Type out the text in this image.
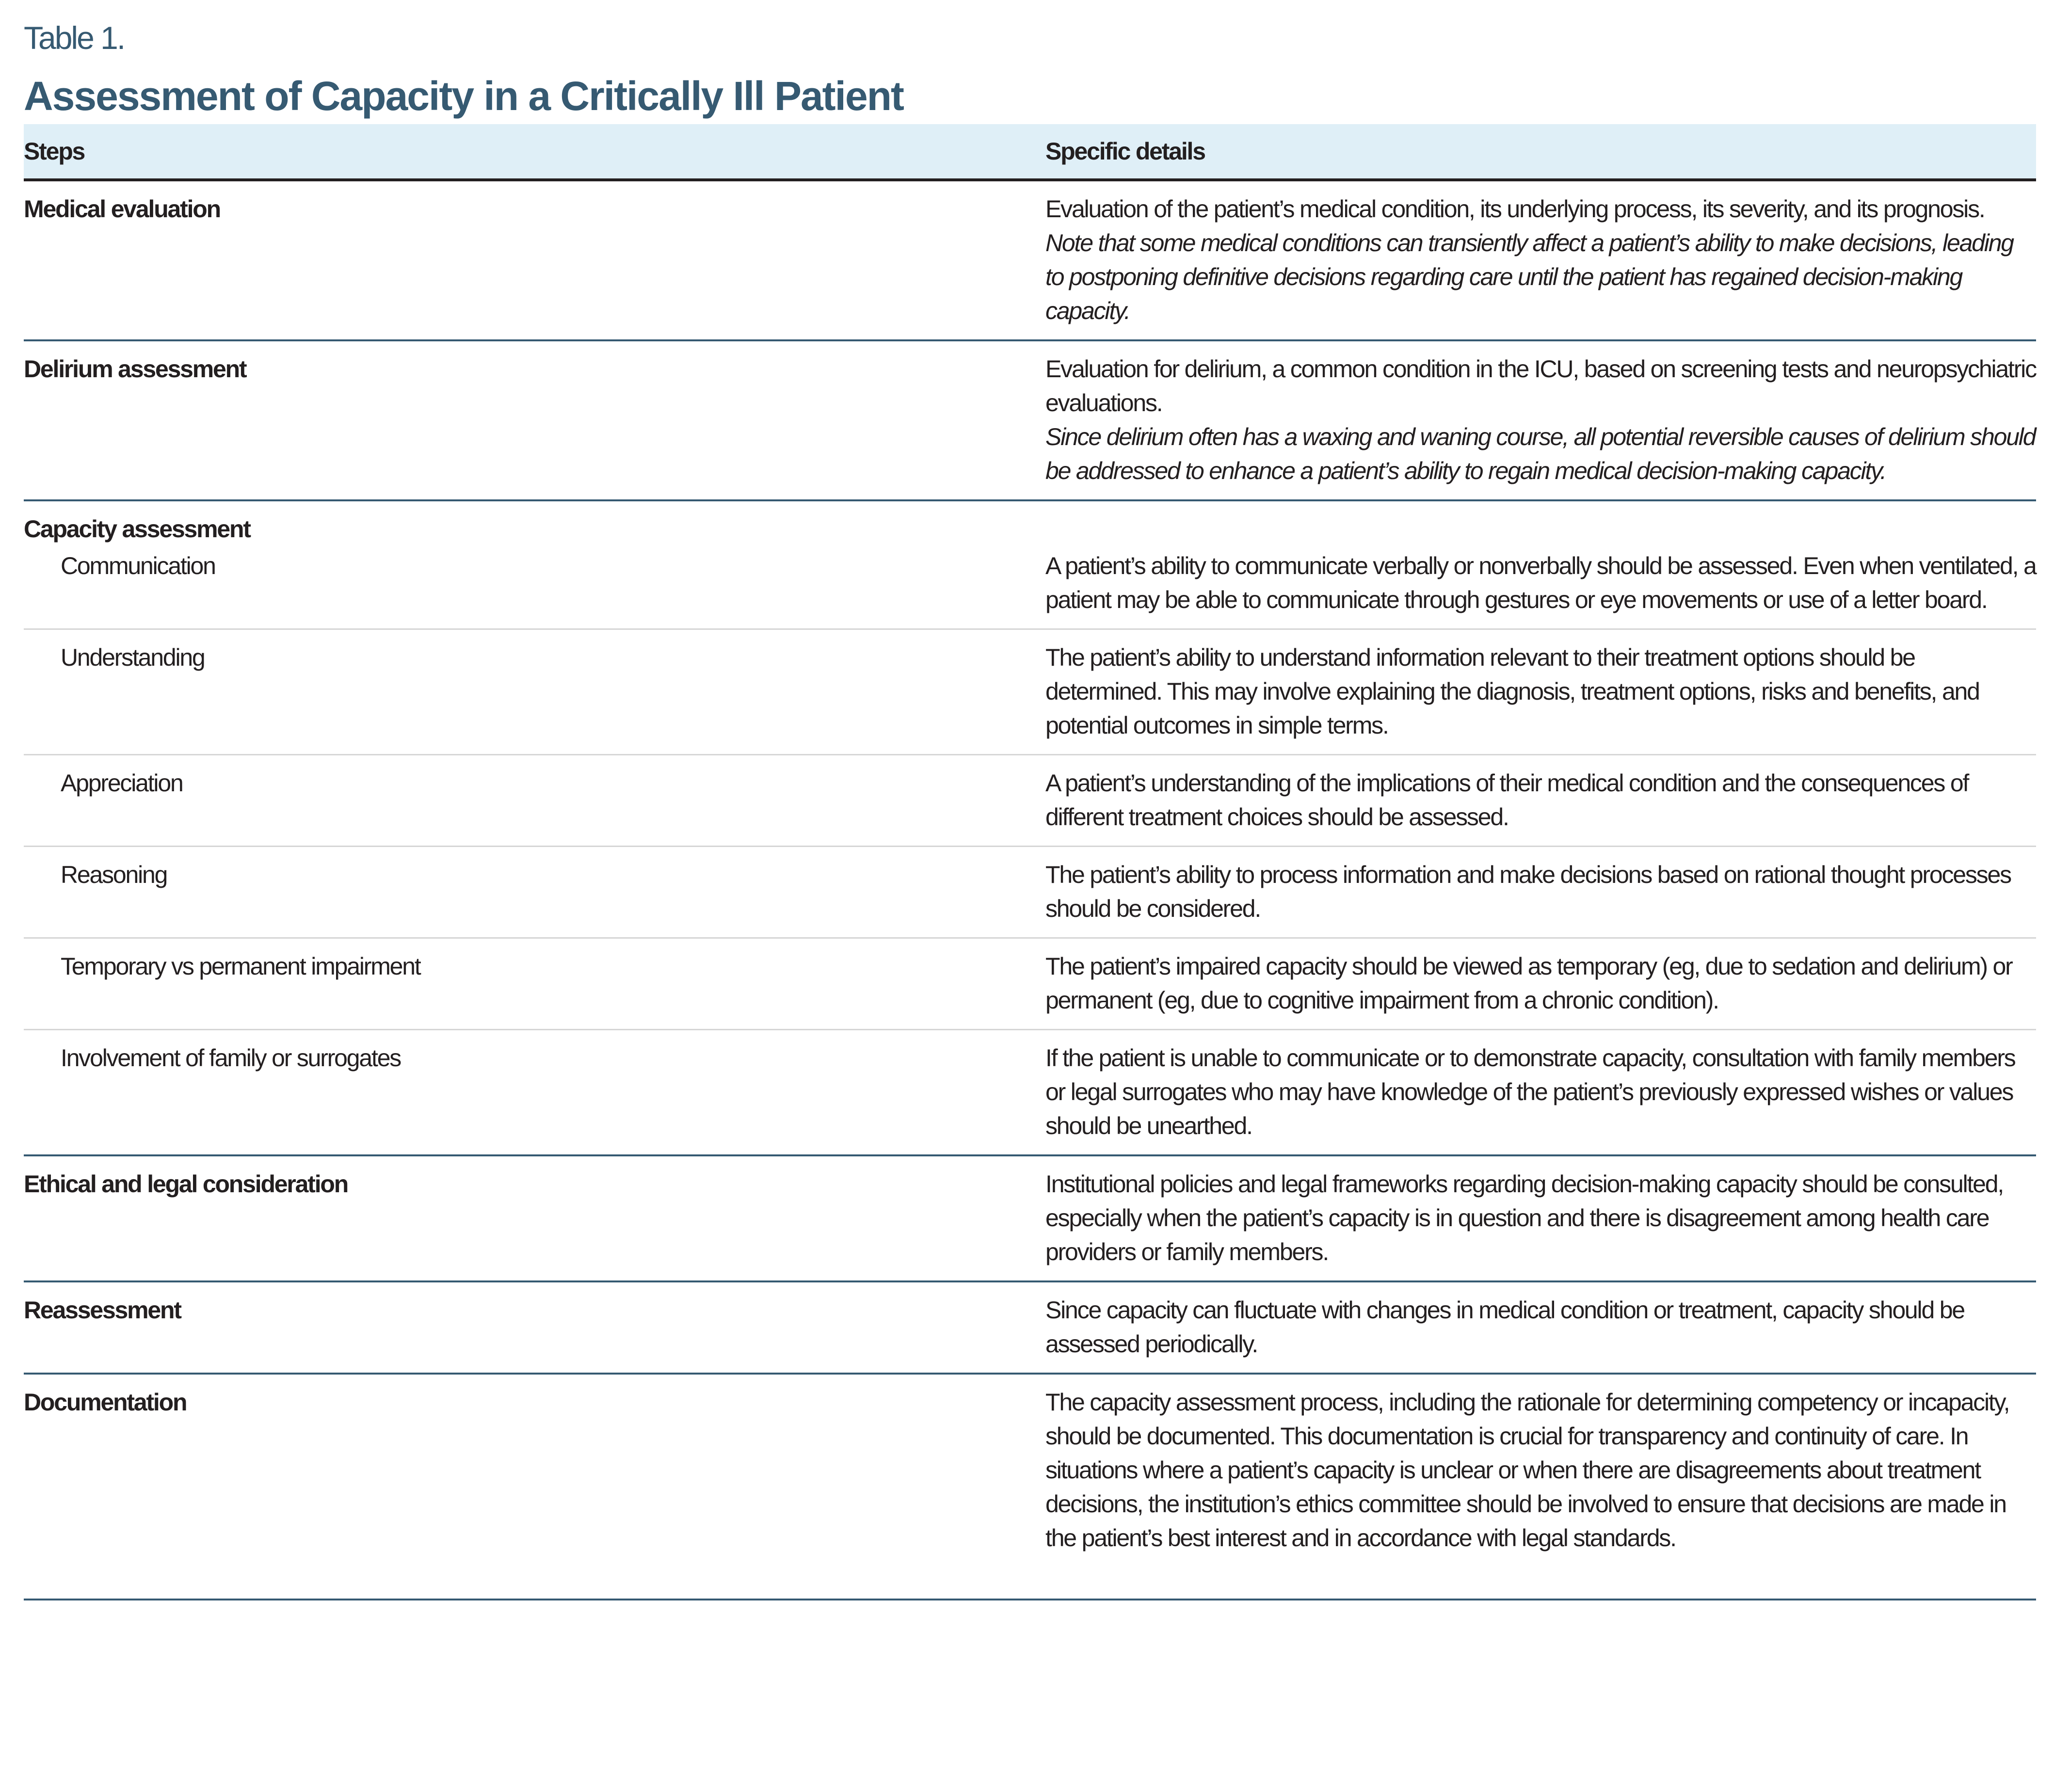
Table 1.
Assessment of Capacity in a Critically Ill Patient
Steps	Specific details
Medical evaluation	Evaluation of the patient’s medical condition, its underlying process, its severity, and its prognosis.
Note that some medical conditions can transiently affect a patient’s ability to make decisions, leading to postponing definitive decisions regarding care until the patient has regained decision-making capacity.

Delirium assessment	Evaluation for delirium, a common condition in the ICU, based on screening tests and neuropsychiatric evaluations.
Since delirium often has a waxing and waning course, all potential reversible causes of delirium should be addressed to enhance a patient’s ability to regain medical decision-making capacity.

Capacity assessment	
Communication	A patient’s ability to communicate verbally or nonverbally should be assessed. Even when ventilated, a patient may be able to communicate through gestures or eye movements or use of a letter board.
Understanding	The patient’s ability to understand information relevant to their treatment options should be determined. This may involve explaining the diagnosis, treatment options, risks and benefits, and potential outcomes in simple terms.
Appreciation	A patient’s understanding of the implications of their medical condition and the consequences of different treatment choices should be assessed.
Reasoning	The patient’s ability to process information and make decisions based on rational thought processes should be considered.
Temporary vs permanent impairment	The patient’s impaired capacity should be viewed as temporary (eg, due to sedation and delirium) or permanent (eg, due to cognitive impairment from a chronic condition).
Involvement of family or surrogates	If the patient is unable to communicate or to demonstrate capacity, consultation with family members or legal surrogates who may have knowledge of the patient’s previously expressed wishes or values should be unearthed.
Ethical and legal consideration	Institutional policies and legal frameworks regarding decision-making capacity should be consulted, especially when the patient’s capacity is in question and there is disagreement among health care providers or family members.
Reassessment	Since capacity can fluctuate with changes in medical condition or treatment, capacity should be assessed periodically.
Documentation	The capacity assessment process, including the rationale for determining competency or incapacity, should be documented. This documentation is crucial for transparency and continuity of care. In situations where a patient’s capacity is unclear or when there are disagreements about treatment decisions, the institution’s ethics committee should be involved to ensure that decisions are made in the patient’s best interest and in accordance with legal standards.
